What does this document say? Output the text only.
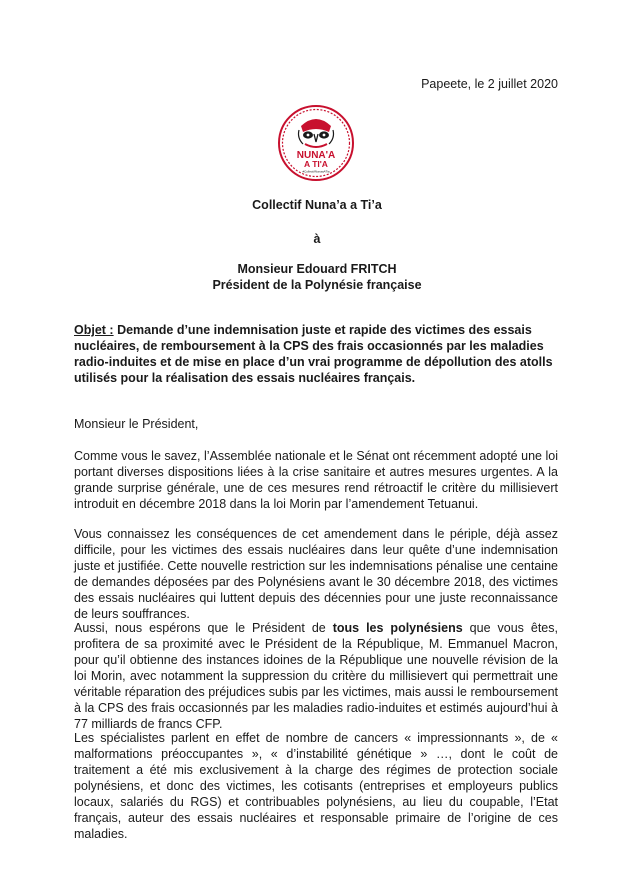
Papeete, le 2 juillet 2020
NUNA'A
A TI'A
#CollectifNunaaATia
Collectif Nuna’a a Ti’a
à
Monsieur Edouard FRITCH
Président de la Polynésie française
Objet : Demande d’une indemnisation juste et rapide des victimes des essais nucléaires, de remboursement à la CPS des frais occasionnés par les maladies radio-induites et de mise en place d’un vrai programme de dépollution des atolls utilisés pour la réalisation des essais nucléaires français.

Monsieur le Président,

Comme vous le savez, l’Assemblée nationale et le Sénat ont récemment adopté une loi portant diverses dispositions liées à la crise sanitaire et autres mesures urgentes. A la grande surprise générale, une de ces mesures rend rétroactif le critère du millisievert introduit en décembre 2018 dans la loi Morin par l’amendement Tetuanui.

Vous connaissez les conséquences de cet amendement dans le périple, déjà assez difficile, pour les victimes des essais nucléaires dans leur quête d’une indemnisation juste et justifiée. Cette nouvelle restriction sur les indemnisations pénalise une centaine de demandes déposées par des Polynésiens avant le 30 décembre 2018, des victimes des essais nucléaires qui luttent depuis des décennies pour une juste reconnaissance de leurs souffrances.

Aussi, nous espérons que le Président de tous les polynésiens que vous êtes, profitera de sa proximité avec le Président de la République, M. Emmanuel Macron, pour qu’il obtienne des instances idoines de la République une nouvelle révision de la loi Morin, avec notamment la suppression du critère du millisievert qui permettrait une véritable réparation des préjudices subis par les victimes, mais aussi le remboursement à la CPS des frais occasionnés par les maladies radio-induites et estimés aujourd’hui à 77 milliards de francs CFP.

Les spécialistes parlent en effet de nombre de cancers « impressionnants », de « malformations préoccupantes », « d’instabilité génétique » …, dont le coût de traitement a été mis exclusivement à la charge des régimes de protection sociale polynésiens, et donc des victimes, les cotisants (entreprises et employeurs publics locaux, salariés du RGS) et contribuables polynésiens, au lieu du coupable, l’Etat français, auteur des essais nucléaires et responsable primaire de l’origine de ces maladies.
